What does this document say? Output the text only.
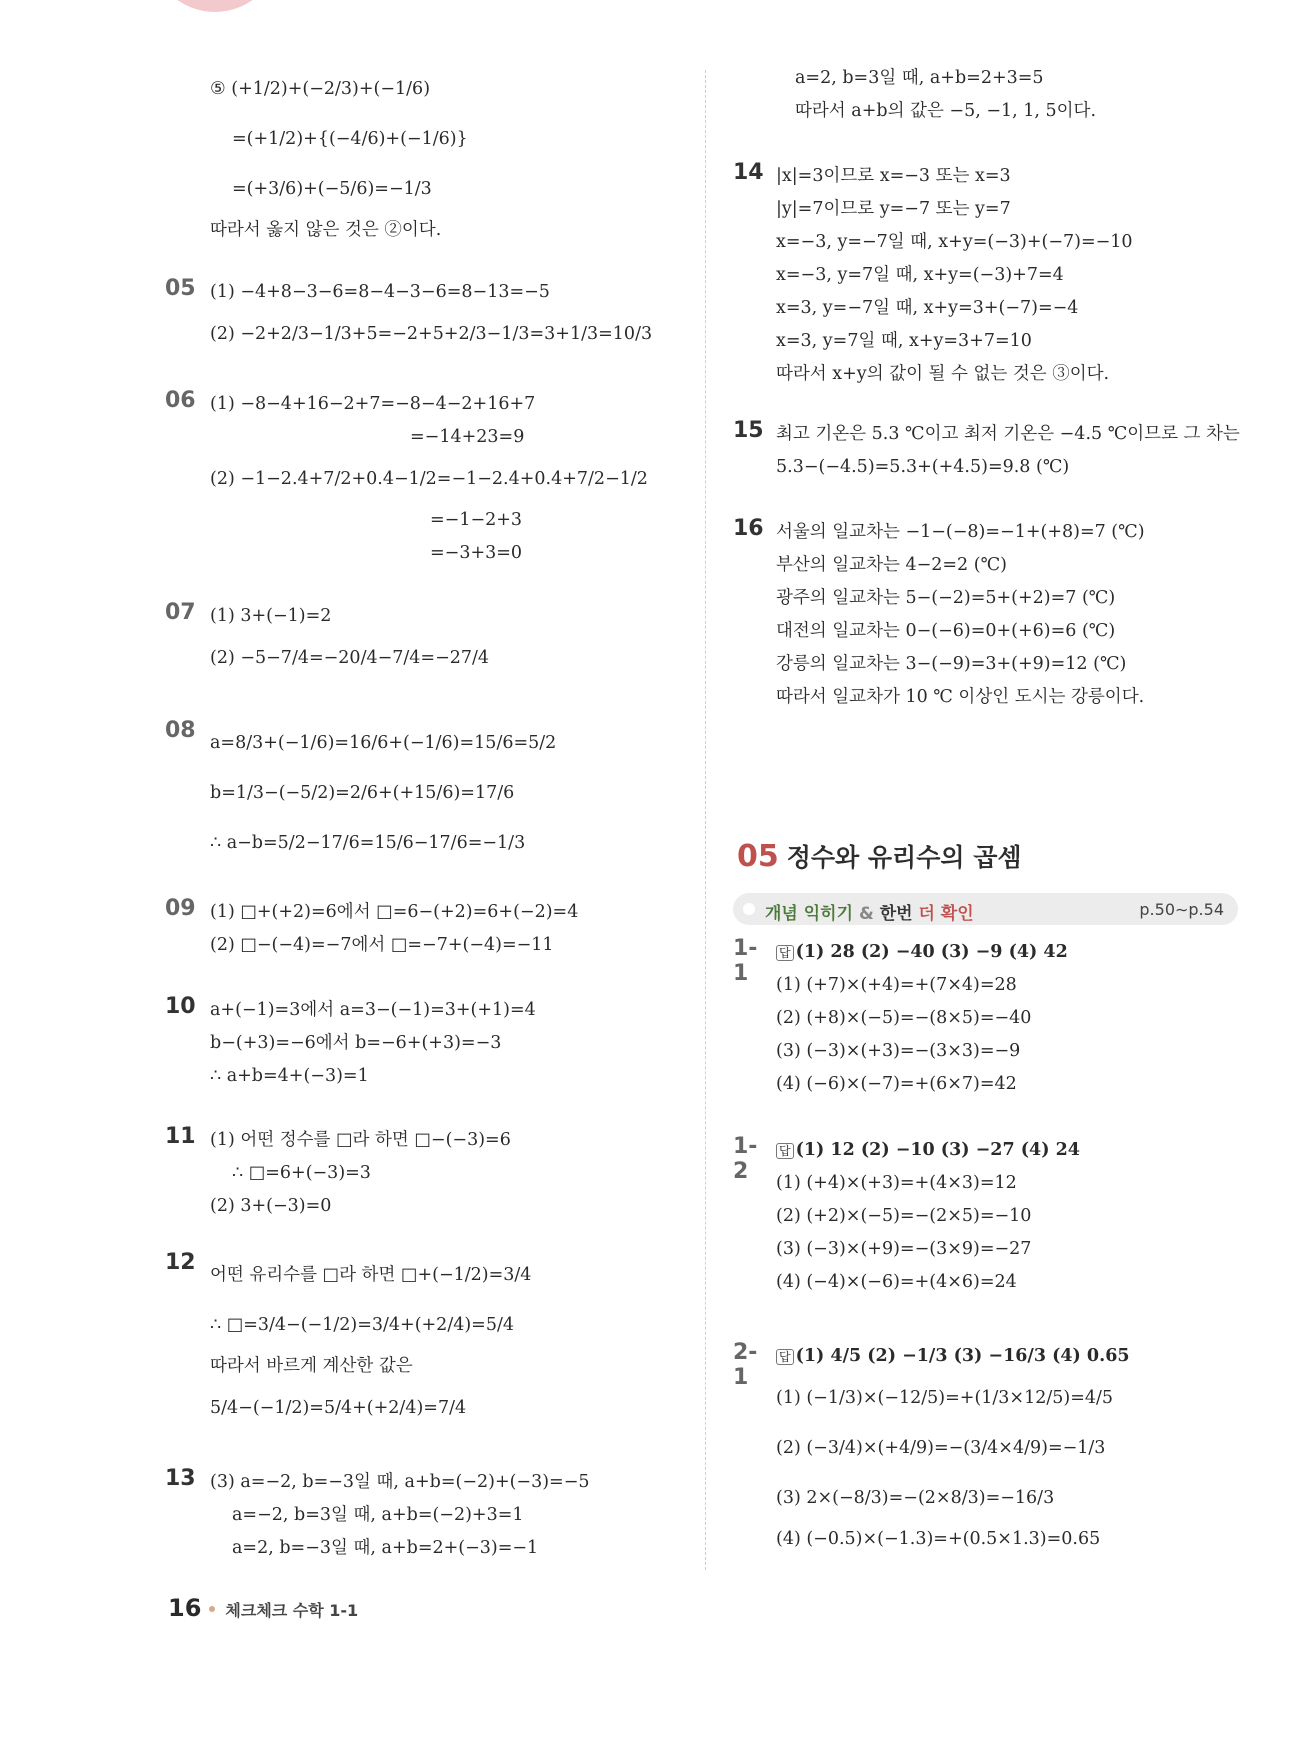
⑤ (+1/2)+(−2/3)+(−1/6)
=(+1/2)+{(−4/6)+(−1/6)}
=(+3/6)+(−5/6)=−1/3
따라서 옳지 않은 것은 ②이다.
05 (1) −4+8−3−6=8−4−3−6=8−13=−5
(2) −2+2/3−1/3+5=−2+5+2/3−1/3=3+1/3=10/3
06 (1) −8−4+16−2+7=−8−4−2+16+7
=−14+23=9
(2) −1−2.4+7/2+0.4−1/2=−1−2.4+0.4+7/2−1/2
=−1−2+3
=−3+3=0
07 (1) 3+(−1)=2
(2) −5−7/4=−20/4−7/4=−27/4
08 a=8/3+(−1/6)=16/6+(−1/6)=15/6=5/2
b=1/3−(−5/2)=2/6+(+15/6)=17/6
∴ a−b=5/2−17/6=15/6−17/6=−1/3
09 (1) □+(+2)=6에서 □=6−(+2)=6+(−2)=4
(2) □−(−4)=−7에서 □=−7+(−4)=−11
10 a+(−1)=3에서 a=3−(−1)=3+(+1)=4
b−(+3)=−6에서 b=−6+(+3)=−3
∴ a+b=4+(−3)=1
11 (1) 어떤 정수를 □라 하면 □−(−3)=6
∴ □=6+(−3)=3
(2) 3+(−3)=0
12 어떤 유리수를 □라 하면 □+(−1/2)=3/4
∴ □=3/4−(−1/2)=3/4+(+2/4)=5/4
따라서 바르게 계산한 값은
5/4−(−1/2)=5/4+(+2/4)=7/4
13 (3) a=−2, b=−3일 때, a+b=(−2)+(−3)=−5
a=−2, b=3일 때, a+b=(−2)+3=1
a=2, b=−3일 때, a+b=2+(−3)=−1
a=2, b=3일 때, a+b=2+3=5
따라서 a+b의 값은 −5, −1, 1, 5이다.
14 |x|=3이므로 x=−3 또는 x=3
|y|=7이므로 y=−7 또는 y=7
x=−3, y=−7일 때, x+y=(−3)+(−7)=−10
x=−3, y=7일 때, x+y=(−3)+7=4
x=3, y=−7일 때, x+y=3+(−7)=−4
x=3, y=7일 때, x+y=3+7=10
따라서 x+y의 값이 될 수 없는 것은 ③이다.
15 최고 기온은 5.3 ℃이고 최저 기온은 −4.5 ℃이므로 그 차는
5.3−(−4.5)=5.3+(+4.5)=9.8 (℃)
16 서울의 일교차는 −1−(−8)=−1+(+8)=7 (℃)
부산의 일교차는 4−2=2 (℃)
광주의 일교차는 5−(−2)=5+(+2)=7 (℃)
대전의 일교차는 0−(−6)=0+(+6)=6 (℃)
강릉의 일교차는 3−(−9)=3+(+9)=12 (℃)
따라서 일교차가 10 ℃ 이상인 도시는 강릉이다.
05 정수와 유리수의 곱셈
개념 익히기 & 한번 더 확인	p.50∼p.54
1-1
답 (1) 28 (2) −40 (3) −9 (4) 42
(1) (+7)×(+4)=+(7×4)=28
(2) (+8)×(−5)=−(8×5)=−40
(3) (−3)×(+3)=−(3×3)=−9
(4) (−6)×(−7)=+(6×7)=42
1-2
답 (1) 12 (2) −10 (3) −27 (4) 24
(1) (+4)×(+3)=+(4×3)=12
(2) (+2)×(−5)=−(2×5)=−10
(3) (−3)×(+9)=−(3×9)=−27
(4) (−4)×(−6)=+(4×6)=24
2-1
답 (1) 4/5 (2) −1/3 (3) −16/3 (4) 0.65
(1) (−1/3)×(−12/5)=+(1/3×12/5)=4/5
(2) (−3/4)×(+4/9)=−(3/4×4/9)=−1/3
(3) 2×(−8/3)=−(2×8/3)=−16/3
(4) (−0.5)×(−1.3)=+(0.5×1.3)=0.65
16 체크체크 수학 1-1
